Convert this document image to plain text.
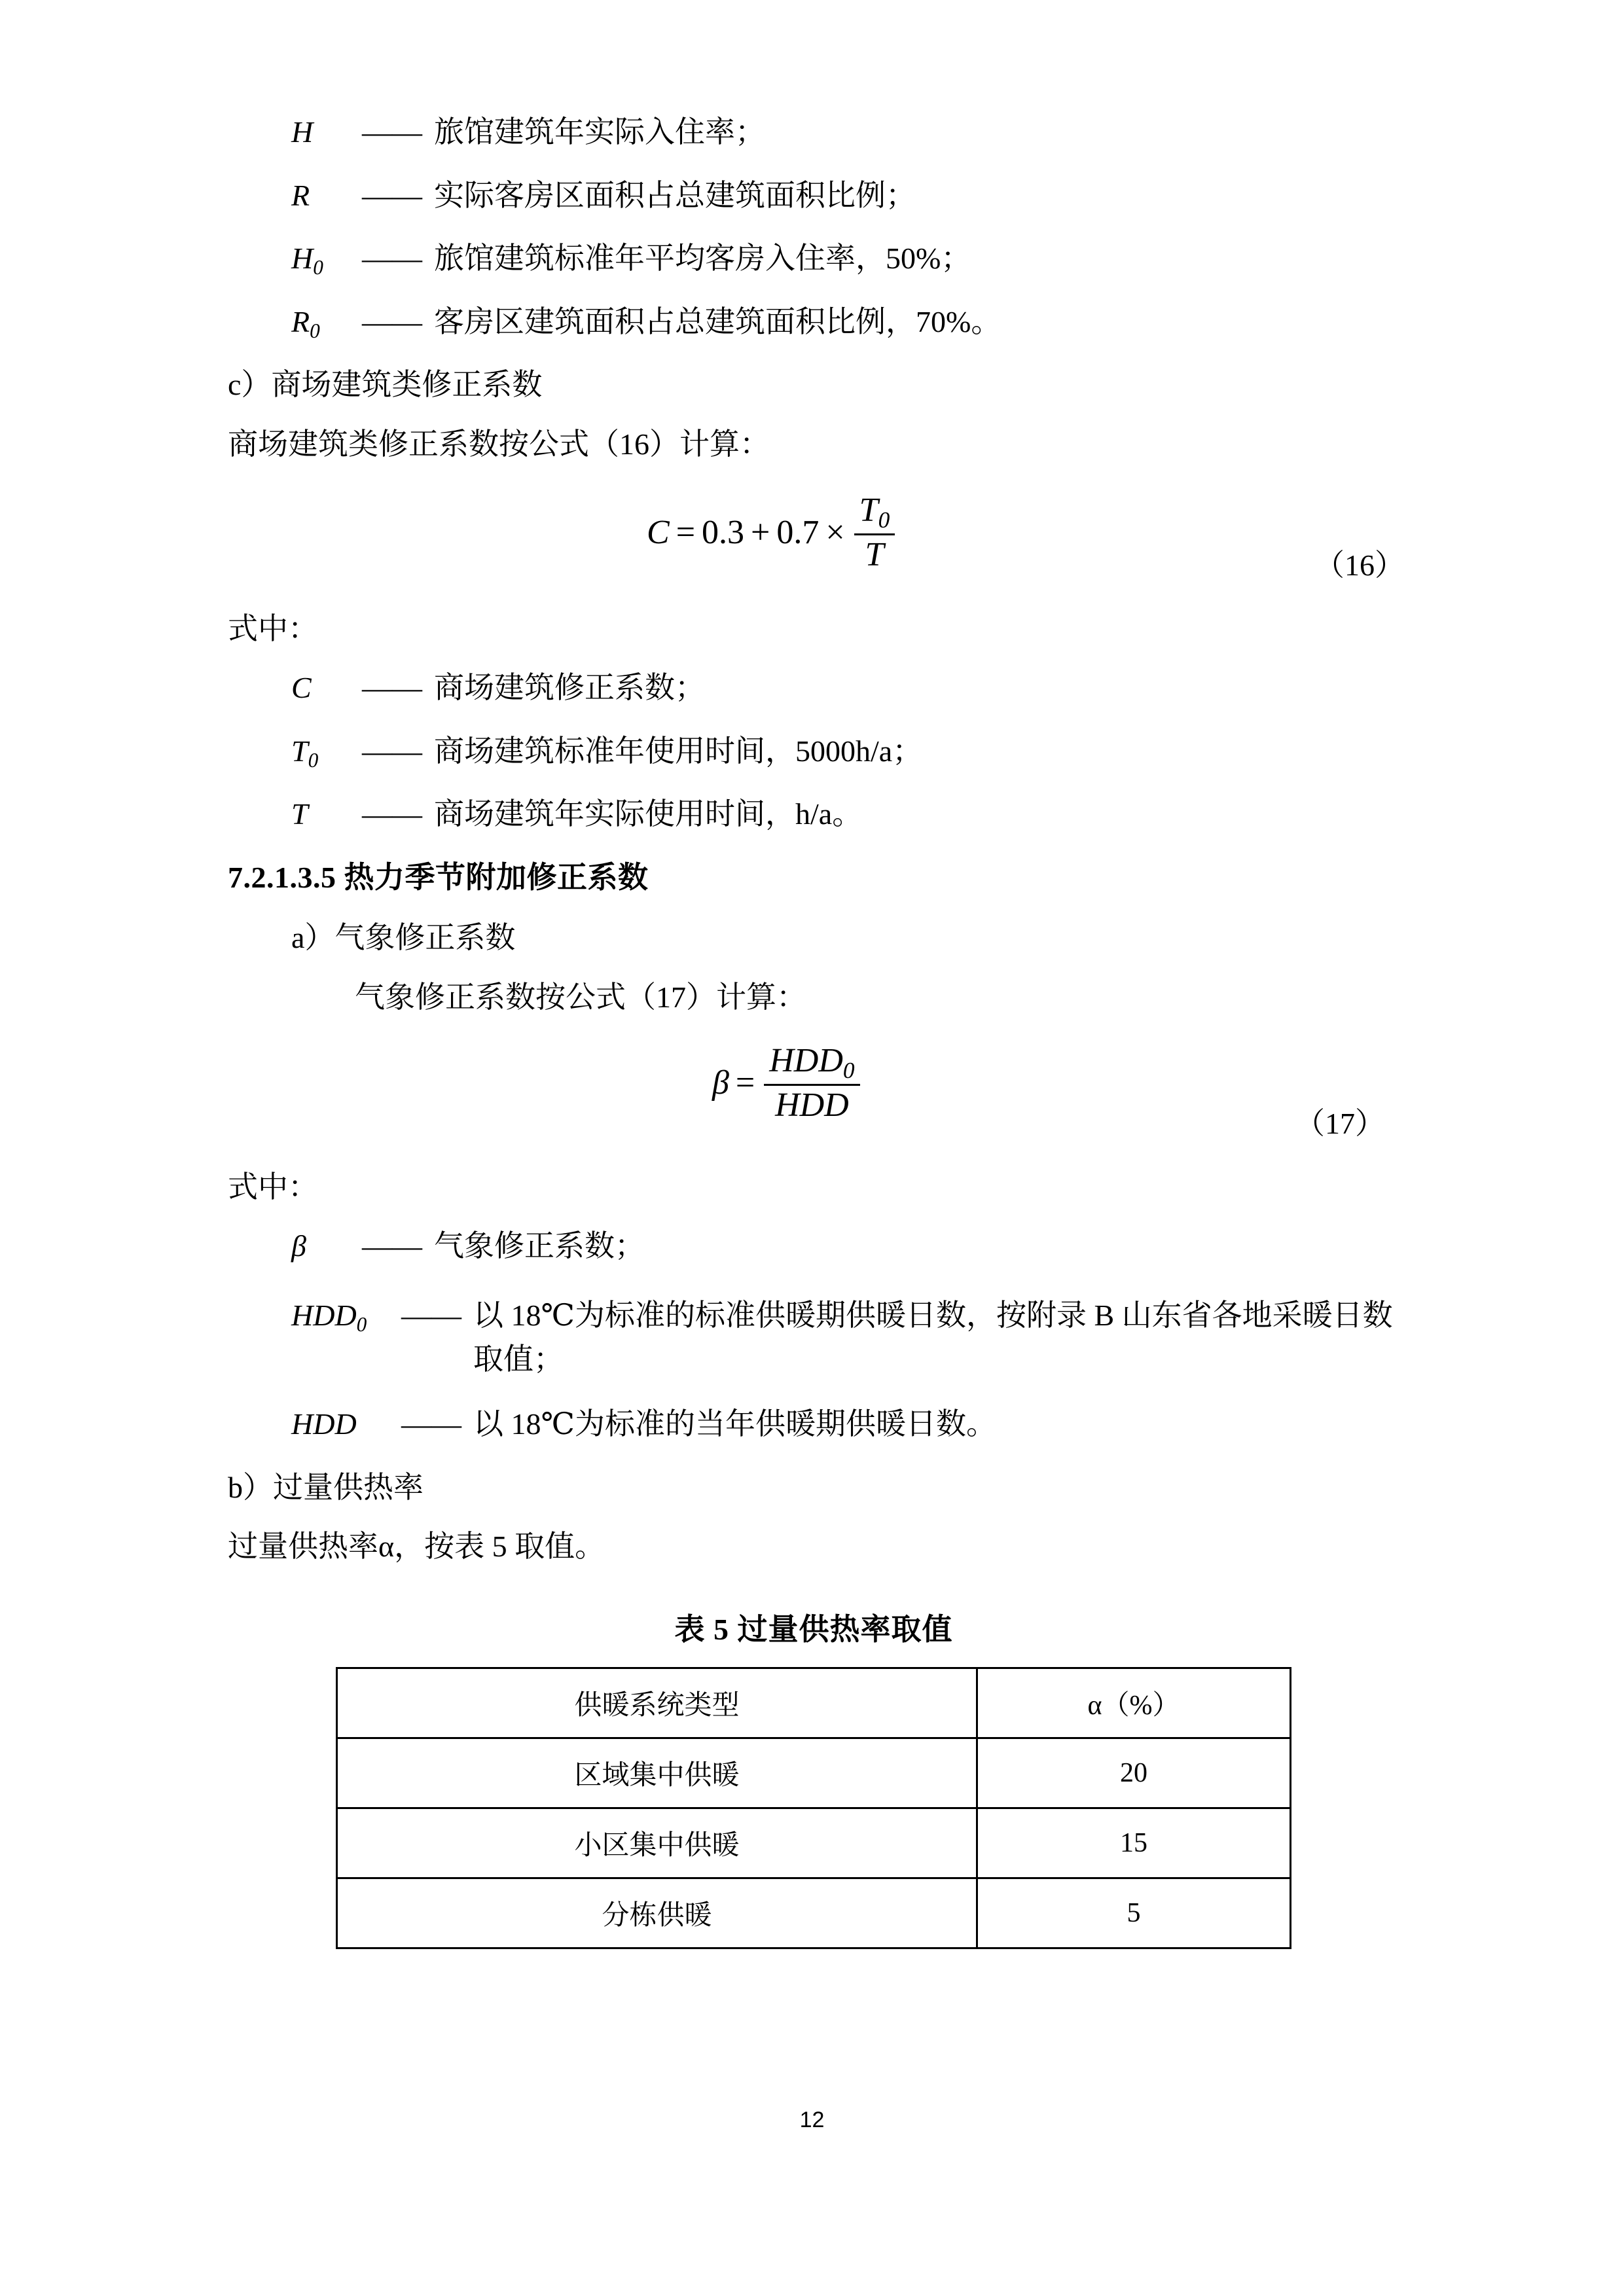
H	—— 旅馆建筑年实际入住率；
R	—— 实际客房区面积占总建筑面积比例；
$H_0$	—— 旅馆建筑标准年平均客房入住率，50%；
$R_0$	—— 客房区建筑面积占总建筑面积比例，70%。
c）商场建筑类修正系数
商场建筑类修正系数按公式（16）计算：
$C = 0.3 + 0.7 \times \frac{T_0}{T}$	（16）
式中：
C	—— 商场建筑修正系数；
$T_0$	—— 商场建筑标准年使用时间，5000h/a；
T	—— 商场建筑年实际使用时间，h/a。
7.2.1.3.5 热力季节附加修正系数
a）气象修正系数
气象修正系数按公式（17）计算：
$\beta = \frac{HDD_0}{\text{HDD}}$
（17）
式中：
β	—— 气象修正系数；
$HDD_0$	—— 以 18℃为标准的标准供暖期供暖日数，按附录 B 山东省各地采暖日数取值；
HDD	—— 以 18℃为标准的当年供暖期供暖日数。
b）过量供热率
过量供热率α，按表 5 取值。
表 5 过量供热率取值
供暖系统类型	α（%）
区域集中供暖	20
小区集中供暖	15
分栋供暖	5
12
